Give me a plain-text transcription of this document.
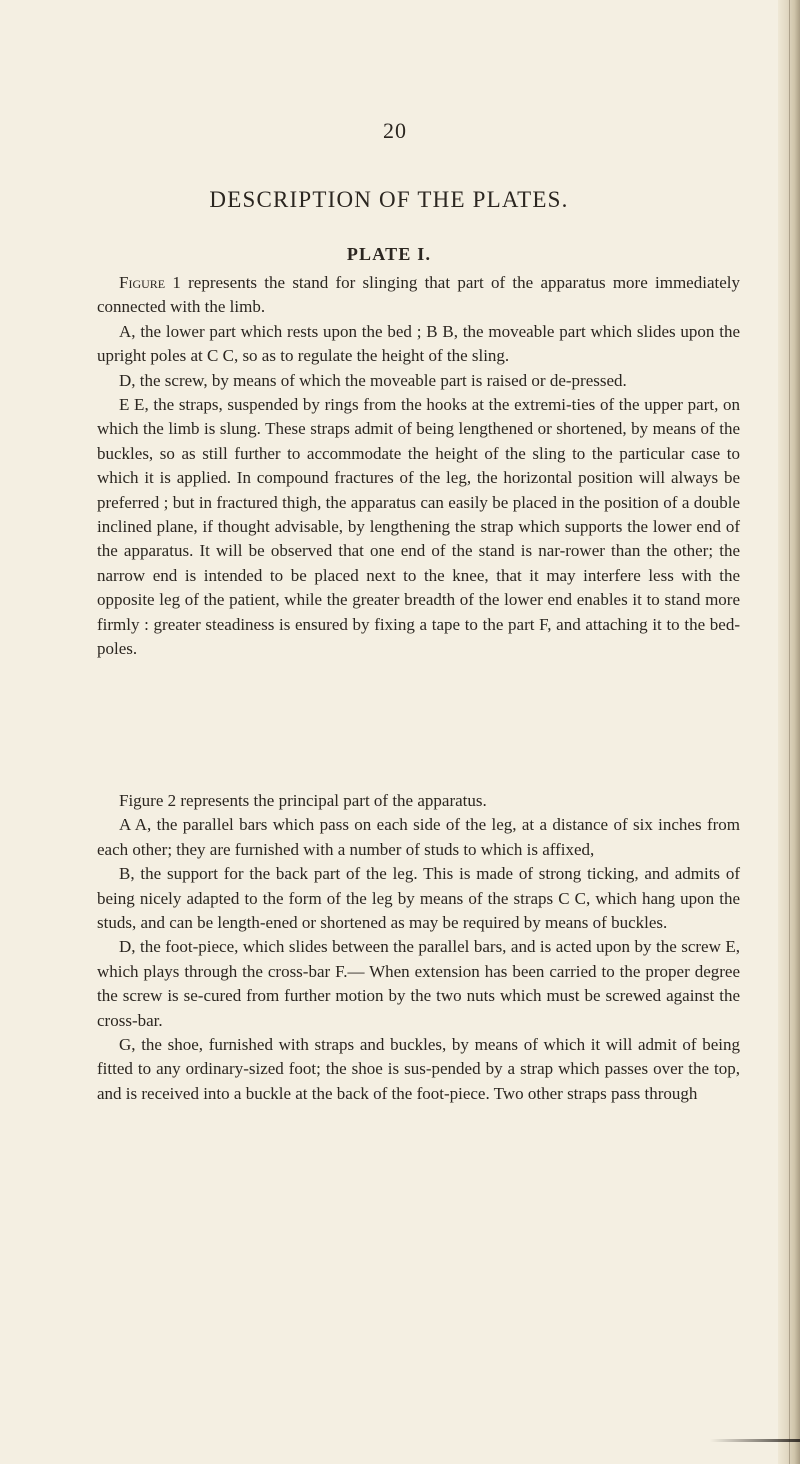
20
DESCRIPTION OF THE PLATES.
PLATE I.

Figure 1 represents the stand for slinging that part of the apparatus more immediately connected with the limb.

A, the lower part which rests upon the bed ; B B, the moveable part which slides upon the upright poles at C C, so as to regulate the height of the sling.

D, the screw, by means of which the moveable part is raised or de-pressed.

E E, the straps, suspended by rings from the hooks at the extremi-ties of the upper part, on which the limb is slung. These straps admit of being lengthened or shortened, by means of the buckles, so as still further to accommodate the height of the sling to the particular case to which it is applied. In compound fractures of the leg, the horizontal position will always be preferred ; but in fractured thigh, the apparatus can easily be placed in the position of a double inclined plane, if thought advisable, by lengthening the strap which supports the lower end of the apparatus. It will be observed that one end of the stand is nar-rower than the other; the narrow end is intended to be placed next to the knee, that it may interfere less with the opposite leg of the patient, while the greater breadth of the lower end enables it to stand more firmly : greater steadiness is ensured by fixing a tape to the part F, and attaching it to the bed-poles.

Figure 2 represents the principal part of the apparatus.

A A, the parallel bars which pass on each side of the leg, at a distance of six inches from each other; they are furnished with a number of studs to which is affixed,

B, the support for the back part of the leg. This is made of strong ticking, and admits of being nicely adapted to the form of the leg by means of the straps C C, which hang upon the studs, and can be length-ened or shortened as may be required by means of buckles.

D, the foot-piece, which slides between the parallel bars, and is acted upon by the screw E, which plays through the cross-bar F.— When extension has been carried to the proper degree the screw is se-cured from further motion by the two nuts which must be screwed against the cross-bar.

G, the shoe, furnished with straps and buckles, by means of which it will admit of being fitted to any ordinary-sized foot; the shoe is sus-pended by a strap which passes over the top, and is received into a buckle at the back of the foot-piece. Two other straps pass through
